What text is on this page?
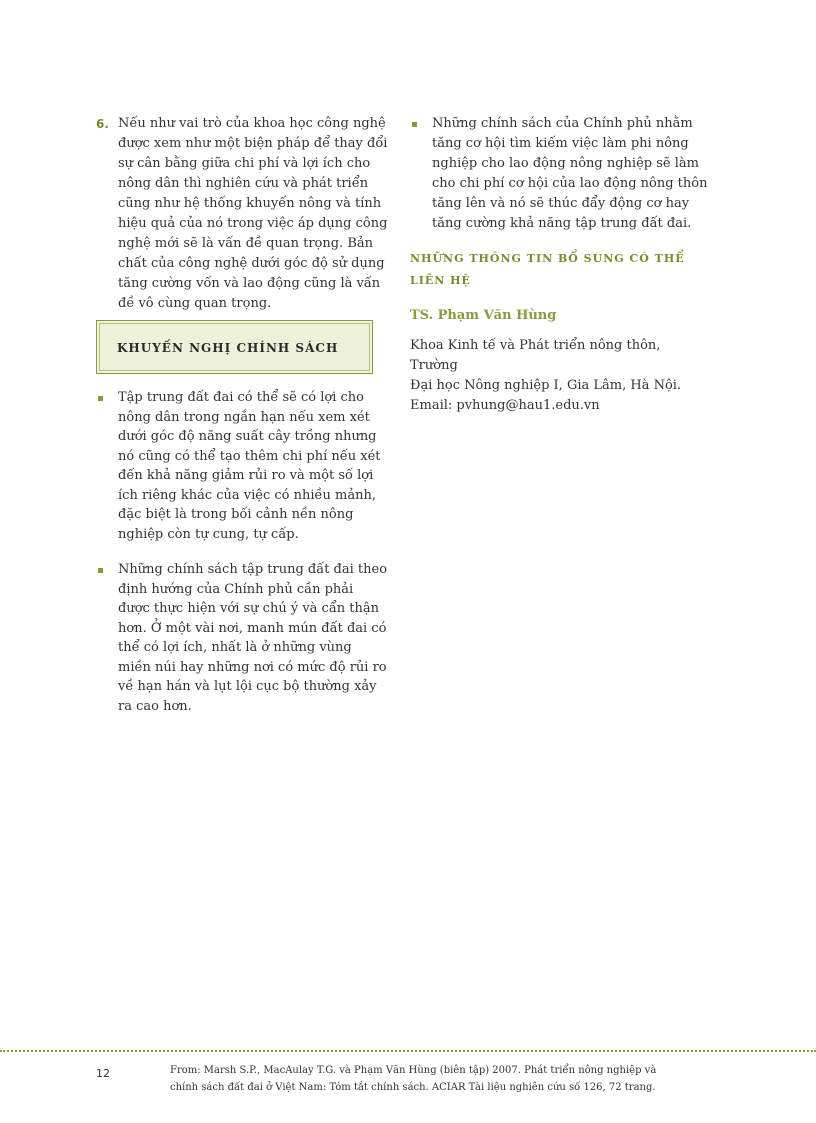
6. Nếu như vai trò của khoa học công nghệ được xem như một biện pháp để thay đổi sự cân bằng giữa chi phí và lợi ích cho nông dân thì nghiên cứu và phát triển cũng như hệ thống khuyến nông và tính hiệu quả của nó trong việc áp dụng công nghệ mới sẽ là vấn đề quan trọng. Bản chất của công nghệ dưới góc độ sử dụng tăng cường vốn và lao động cũng là vấn đề vô cùng quan trọng.
KHUYẾN NGHỊ CHÍNH SÁCH
Tập trung đất đai có thể sẽ có lợi cho nông dân trong ngắn hạn nếu xem xét dưới góc độ năng suất cây trồng nhưng nó cũng có thể tạo thêm chi phí nếu xét đến khả năng giảm rủi ro và một số lợi ích riêng khác của việc có nhiều mảnh, đặc biệt là trong bối cảnh nền nông nghiệp còn tự cung, tự cấp.
Những chính sách tập trung đất đai theo định hướng của Chính phủ cần phải được thực hiện với sự chú ý và cẩn thận hơn. Ở một vài nơi, manh mún đất đai có thể có lợi ích, nhất là ở những vùng miền núi hay những nơi có mức độ rủi ro về hạn hán và lụt lội cục bộ thường xảy ra cao hơn.
Những chính sách của Chính phủ nhằm tăng cơ hội tìm kiếm việc làm phi nông nghiệp cho lao động nông nghiệp sẽ làm cho chi phí cơ hội của lao động nông thôn tăng lên và nó sẽ thúc đẩy động cơ hay tăng cường khả năng tập trung đất đai.
NHỮNG THÔNG TIN BỔ SUNG CÓ THỂ
LIÊN HỆ
TS. Phạm Văn Hùng
Khoa Kinh tế và Phát triển nông thôn, Trường
Đại học Nông nghiệp I, Gia Lâm, Hà Nội.
Email: pvhung@hau1.edu.vn
12	From: Marsh S.P., MacAulay T.G. và Phạm Văn Hùng (biên tập) 2007. Phát triển nông nghiệp và
chính sách đất đai ở Việt Nam: Tóm tắt chính sách. ACIAR Tài liệu nghiên cứu số 126, 72 trang.
